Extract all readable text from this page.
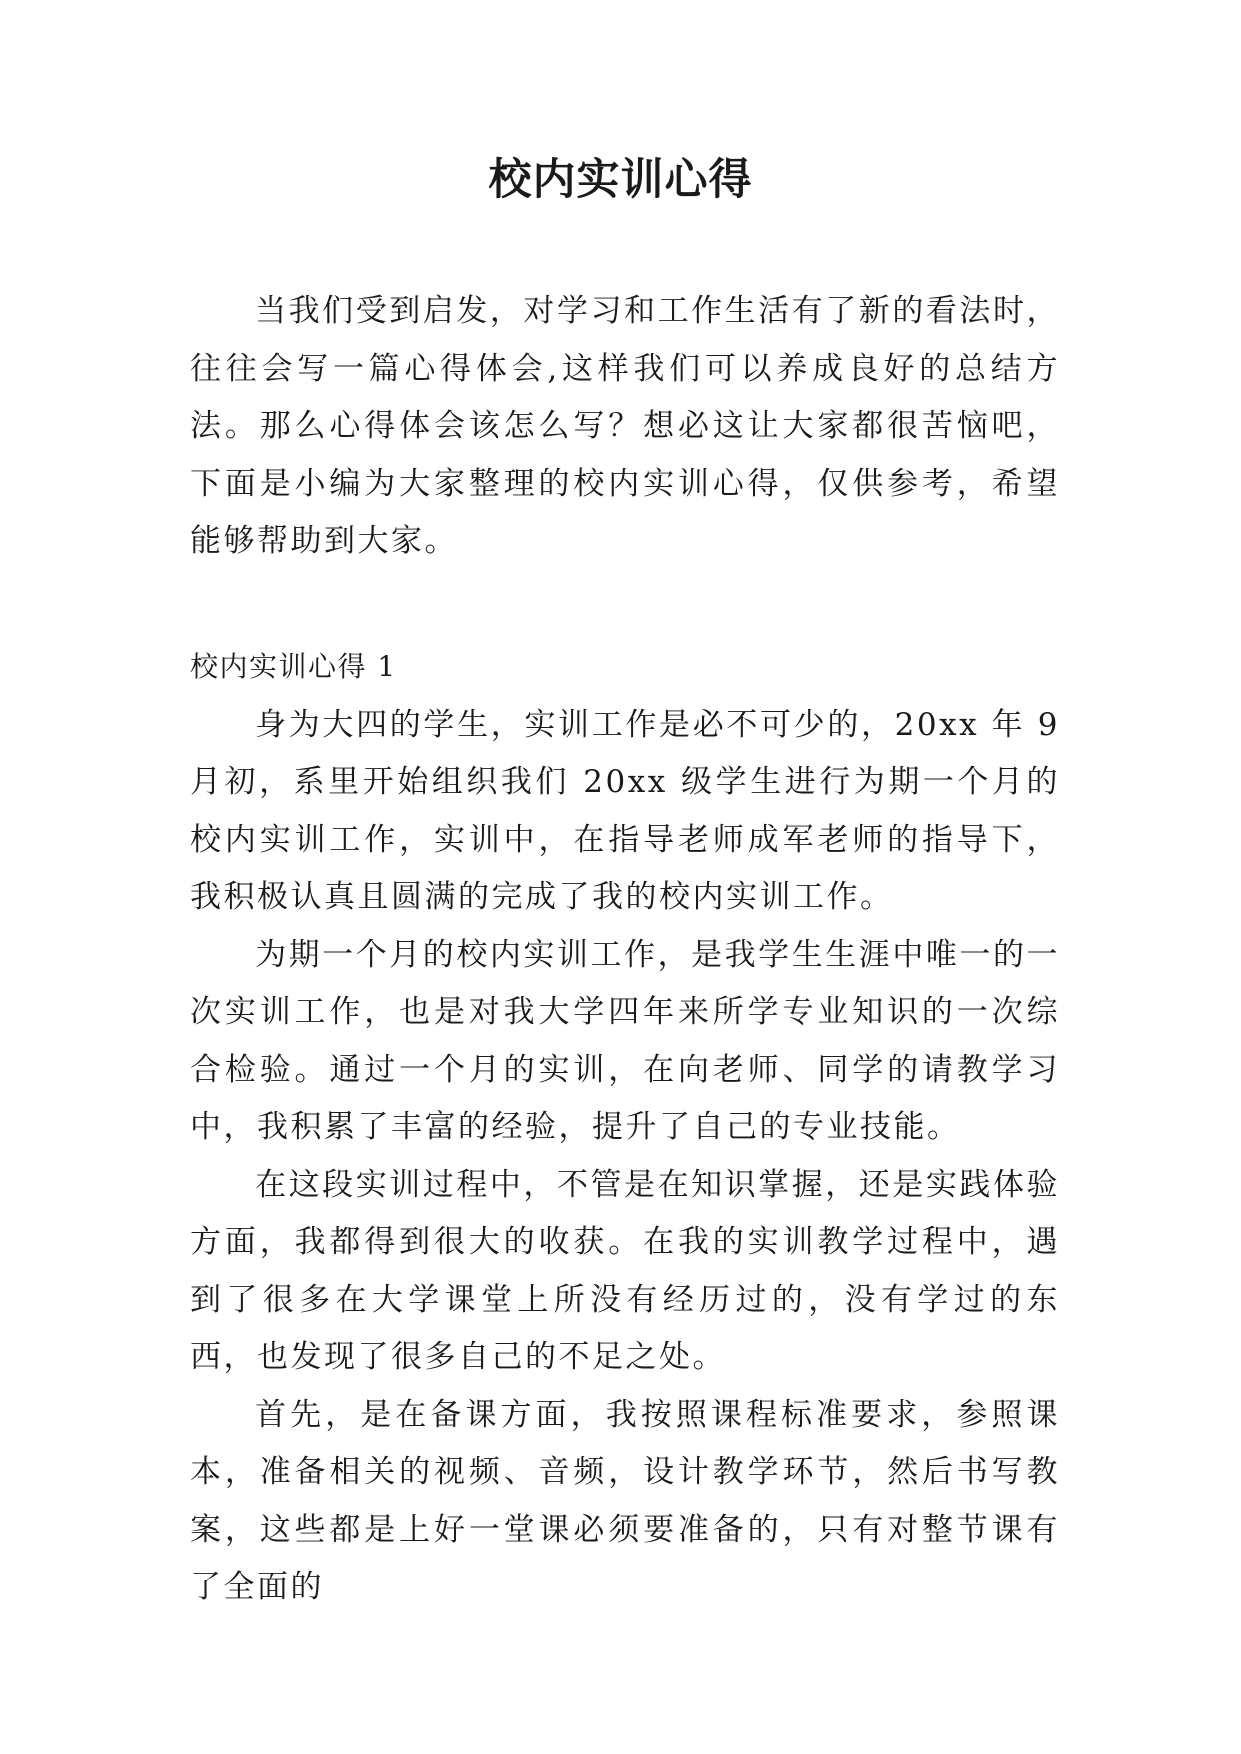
校内实训心得

当我们受到启发，对学习和工作生活有了新的看法时，往往会写一篇心得体会,这样我们可以养成良好的总结方法。那么心得体会该怎么写？想必这让大家都很苦恼吧，下面是小编为大家整理的校内实训心得，仅供参考，希望能够帮助到大家。

校内实训心得 1

身为大四的学生，实训工作是必不可少的，20xx 年 9 月初，系里开始组织我们 20xx 级学生进行为期一个月的校内实训工作，实训中，在指导老师成军老师的指导下，我积极认真且圆满的完成了我的校内实训工作。

为期一个月的校内实训工作，是我学生生涯中唯一的一次实训工作，也是对我大学四年来所学专业知识的一次综合检验。通过一个月的实训，在向老师、同学的请教学习中，我积累了丰富的经验，提升了自己的专业技能。

在这段实训过程中，不管是在知识掌握，还是实践体验方面，我都得到很大的收获。在我的实训教学过程中，遇到了很多在大学课堂上所没有经历过的，没有学过的东西，也发现了很多自己的不足之处。

首先，是在备课方面，我按照课程标准要求，参照课本，准备相关的视频、音频，设计教学环节，然后书写教案，这些都是上好一堂课必须要准备的，只有对整节课有了全面的
